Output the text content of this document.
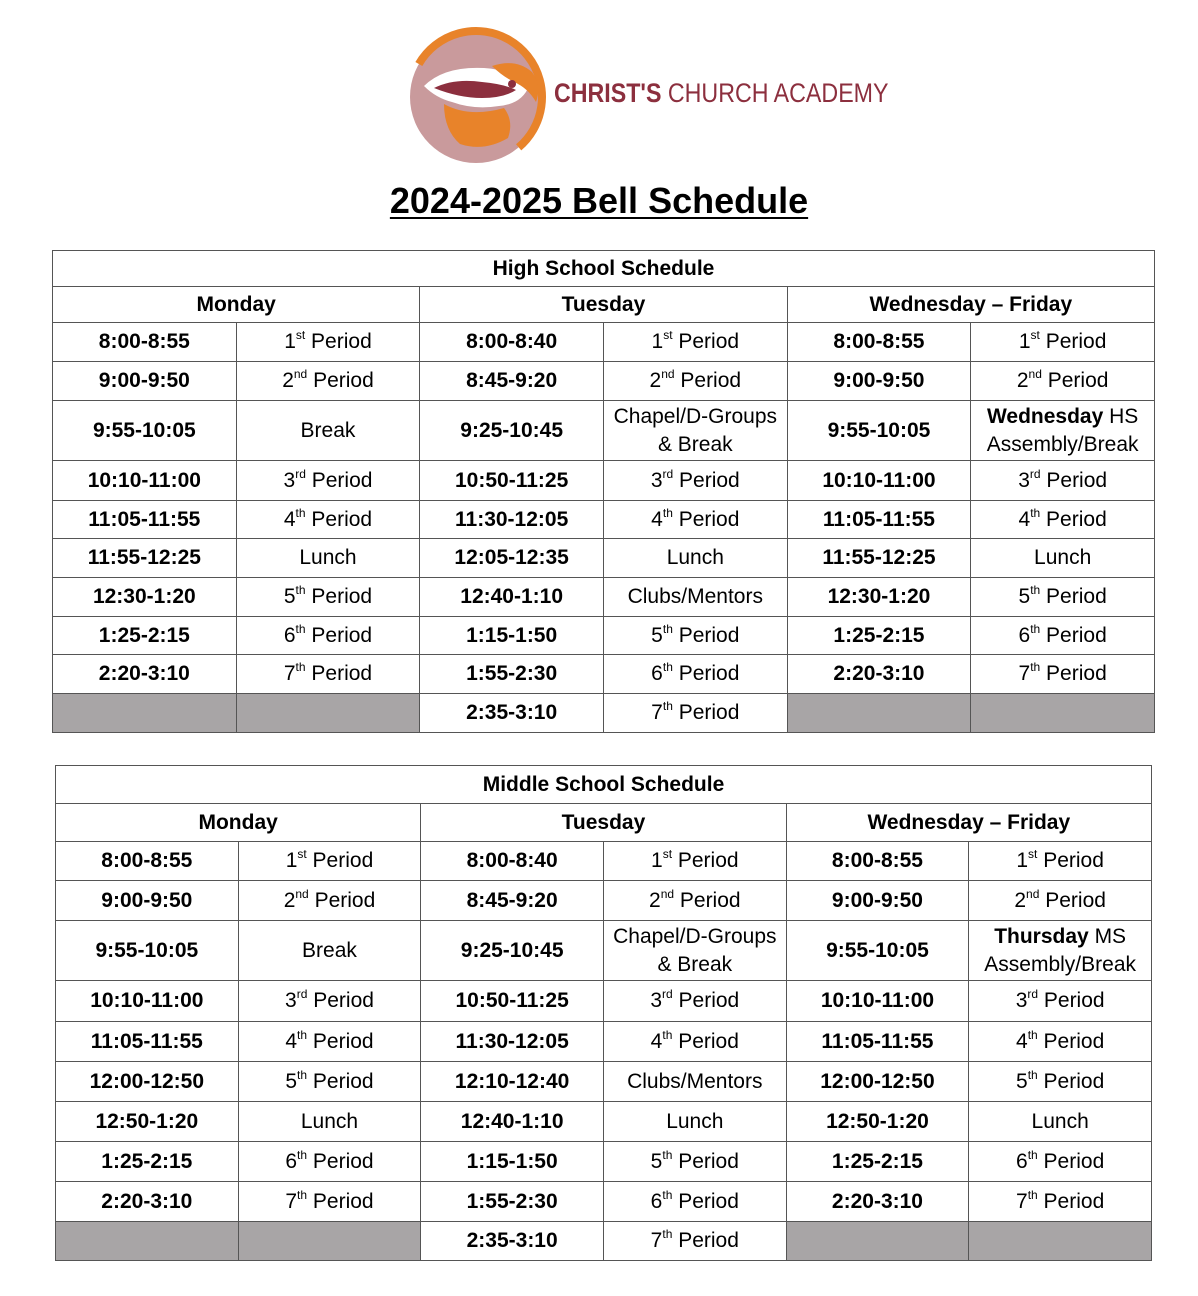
CHRIST'S CHURCH ACADEMY
2024-2025 Bell Schedule
High School Schedule					
Monday		Tuesday		Wednesday – Friday	
8:00-8:55	1st Period	8:00-8:40	1st Period	8:00-8:55	1st Period
9:00-9:50	2nd Period	8:45-9:20	2nd Period	9:00-9:50	2nd Period
9:55-10:05	Break	9:25-10:45	Chapel/D-Groups & Break	9:55-10:05	Wednesday HS Assembly/Break
10:10-11:00	3rd Period	10:50-11:25	3rd Period	10:10-11:00	3rd Period
11:05-11:55	4th Period	11:30-12:05	4th Period	11:05-11:55	4th Period
11:55-12:25	Lunch	12:05-12:35	Lunch	11:55-12:25	Lunch
12:30-1:20	5th Period	12:40-1:10	Clubs/Mentors	12:30-1:20	5th Period
1:25-2:15	6th Period	1:15-1:50	5th Period	1:25-2:15	6th Period
2:20-3:10	7th Period	1:55-2:30	6th Period	2:20-3:10	7th Period
		2:35-3:10	7th Period		
Middle School Schedule					
Monday		Tuesday		Wednesday – Friday	
8:00-8:55	1st Period	8:00-8:40	1st Period	8:00-8:55	1st Period
9:00-9:50	2nd Period	8:45-9:20	2nd Period	9:00-9:50	2nd Period
9:55-10:05	Break	9:25-10:45	Chapel/D-Groups & Break	9:55-10:05	Thursday MS Assembly/Break
10:10-11:00	3rd Period	10:50-11:25	3rd Period	10:10-11:00	3rd Period
11:05-11:55	4th Period	11:30-12:05	4th Period	11:05-11:55	4th Period
12:00-12:50	5th Period	12:10-12:40	Clubs/Mentors	12:00-12:50	5th Period
12:50-1:20	Lunch	12:40-1:10	Lunch	12:50-1:20	Lunch
1:25-2:15	6th Period	1:15-1:50	5th Period	1:25-2:15	6th Period
2:20-3:10	7th Period	1:55-2:30	6th Period	2:20-3:10	7th Period
		2:35-3:10	7th Period		
